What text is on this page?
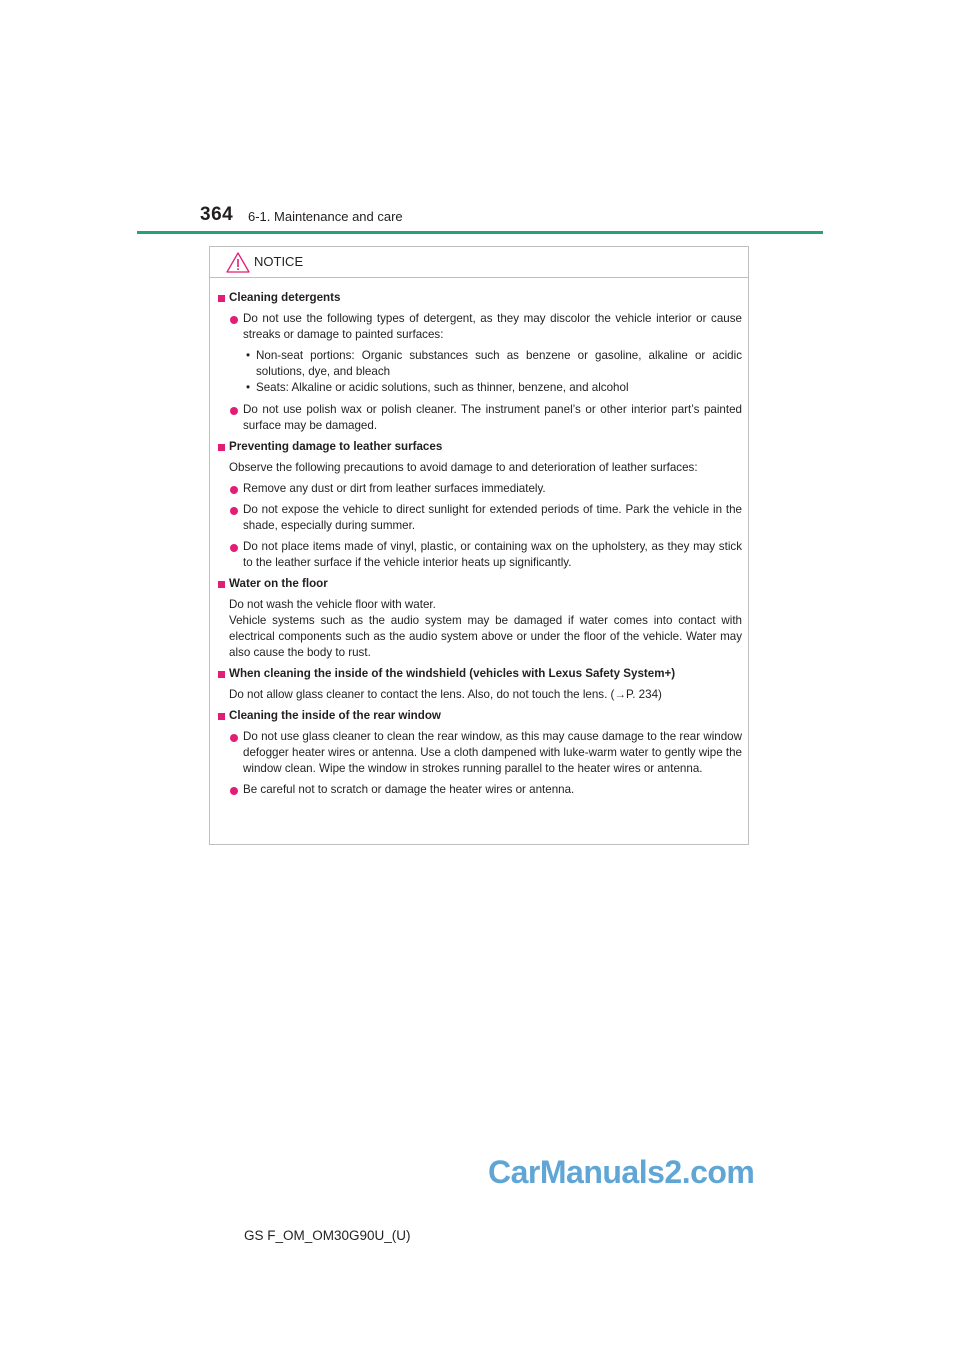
364 6-1. Maintenance and care
NOTICE
Cleaning detergents
Do not use the following types of detergent, as they may discolor the vehicle interior or cause streaks or damage to painted surfaces:
• Non-seat portions: Organic substances such as benzene or gasoline, alkaline or acidic solutions, dye, and bleach
• Seats: Alkaline or acidic solutions, such as thinner, benzene, and alcohol
Do not use polish wax or polish cleaner. The instrument panel’s or other interior part’s painted surface may be damaged.
Preventing damage to leather surfaces
Observe the following precautions to avoid damage to and deterioration of leather surfaces:
Remove any dust or dirt from leather surfaces immediately.
Do not expose the vehicle to direct sunlight for extended periods of time. Park the vehicle in the shade, especially during summer.
Do not place items made of vinyl, plastic, or containing wax on the upholstery, as they may stick to the leather surface if the vehicle interior heats up significantly.
Water on the floor
Do not wash the vehicle floor with water.
Vehicle systems such as the audio system may be damaged if water comes into contact with electrical components such as the audio system above or under the floor of the vehicle. Water may also cause the body to rust.
When cleaning the inside of the windshield (vehicles with Lexus Safety System+)
Do not allow glass cleaner to contact the lens. Also, do not touch the lens. (→P. 234)
Cleaning the inside of the rear window
Do not use glass cleaner to clean the rear window, as this may cause damage to the rear window defogger heater wires or antenna. Use a cloth dampened with luke-warm water to gently wipe the window clean. Wipe the window in strokes running parallel to the heater wires or antenna.
Be careful not to scratch or damage the heater wires or antenna.
CarManuals2.com
GS F_OM_OM30G90U_(U)
